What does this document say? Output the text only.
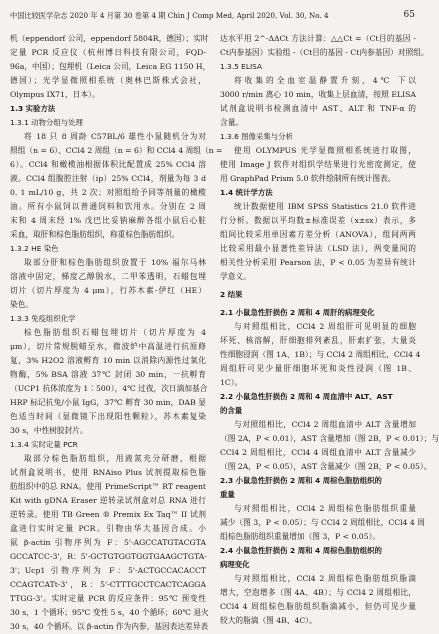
中国比较医学杂志 2020 年 4 月第 30 卷第 4 期 Chin J Comp Med, April 2020, Vol. 30, No. 4	65
机（eppendorf 公司，eppendorf 5804R，德国）；实时
定量 PCR 反应仪（杭州博日科技有限公司，FQD-
96a，中国）；包埋机（Leica 公司，Leica EG 1150 H，
德国）；光学显微照相系统（奥林巴斯株式会社，
Olympus IX71，日本）。
1.3 实验方法
1.3.1 动物分组与处理
将 18 只 8 周龄 C57BL/6 雄性小鼠随机分为对
照组（n = 6）、CCl4 2 周组（n = 6）和 CCl4 4 周组（n =
6）。CCl4 和橄榄油根据体积比配置成 25% CCl4 溶
液。CCl4 组腹腔注射（ip）25% CCl4，剂量为每 3 d
0. 1 mL/10 g，共 2 次；对照组给予同等剂量的橄榄
油。所有小鼠饲以普通饲料和饮用水。分别在 2 周
末和 4 周末经 1% 戊巴比妥钠麻醉各组小鼠后心脏
采血，取肝和棕色脂肪组织，称重棕色脂肪组织。
1.3.2 HE 染色
取部分肝和棕色脂肪组织放置于 10% 福尔马林
溶液中固定，梯度乙醇脱水，二甲苯透明，石蜡包埋
切片（切片厚度为 4 μm），行苏木素-伊红（HE）
染色。
1.3.3 免疫组织化学
棕色脂肪组织石蜡包埋切片（切片厚度为 4
μm），切片常规脱蜡至水，微波炉中高温进行抗原修
复，3% H2O2 溶液孵育 10 min 以消除内源性过氧化
物酶，5% BSA 溶液 37℃ 封闭 30 min，一抗孵育
（UCP1 抗体浓度为 1∶500），4℃ 过夜，次日滴加基合
HRP 标记抗兔/小鼠 IgG，37℃ 孵育 30 min，DAB 显
色适当时间（显微镜下出现阳性颗粒），苏木素复染
30 s，中性树胶封片。
1.3.4 实时定量 PCR
取部分棕色脂肪组织，用液氮充分研磨，根据
试剂盒说明书，使用 RNAiso Plus 试剂提取棕色脂
肪组织中的总 RNA。使用 PrimeScript™ RT reagent
Kit with gDNA Eraser 逆转录试剂盒对总 RNA 进行
逆转录。使用 TB Green ® Premix Ex Taq™ II 试剂
盒进行实时定量 PCR。引物由华大基因合成。小
鼠 β-actin 引物序列为 F：5'-AGCCATGTACGTA
GCCATCC-3'，R：5'-GCTGTGGTGGTGAAGCTGTA-
3'；Ucp1 引物序列为 F：5'-ACTGCCACACCT
CCAGTCATt-3'，R：5'-CTTTGCCTCACTCAGGA
TTGG-3'。实时定量 PCR 的反应条件：95℃ 预变性
30 s，1 个循环；95℃ 变性 5 s，40 个循环；60℃ 退火
30 s，40 个循环。以 β-actin 作为内参，基因表达差异表
达水平用 2^-ΔΔCt 方法计算：△△Ct =（Ct目的基因 -
Ct内参基因）实验组 -（Ct目的基因 - Ct内参基因）对照组。
1.3.5 ELISA
将收集的全血室温静置升刻，4℃ 下以
3000 r/min 离心 10 min，收集上层血清，按照 ELISA
试剂盒说明书检测血清中 AST、ALT 和 TNF-α 的
含量。
1.3.6 图像采集与分析
使用 OLYMPUS 光学显微照相系统进行取图，
使用 Image J 软件对组织学结果进行光密度测定，使
用 GraphPad Prism 5.0 软件绘制所有统计图表。
1.4 统计学方法
统计数据使用 IBM SPSS Statistics 21.0 软件进
行分析。数据以平均数±标准误差（x±sx）表示，多
组间比较采用单因素方差分析（ANOVA），组间两两
比较采用最小显著性差异法（LSD 法），两变量间的
相关性分析采用 Pearson 法，P < 0.05 为差异有统计
学意义。
2 结果
2.1 小鼠急性肝损伤 2 周和 4 周肝的病理变化
与对照组相比，CCl4 2 周组肝可见明显的细胞
坏死、核溶解，肝细胞排列紊乱，肝索扩张，大量炎
性细胞浸润（图 1A、1B）；与 CCl4 2 周组相比，CCl4 4
周组肝可见少量肝细胞坏死和炎性浸润（图 1B、
1C）。
2.2 小鼠急性肝损伤 2 周和 4 周血清中 ALT、AST
的含量
与对照组相比，CCl4 2 周组血清中 ALT 含量增加
（图 2A，P < 0.01），AST 含量增加（图 2B，P < 0.01）；与
CCl4 2 周组相比，CCl4 4 周组血清中 ALT 含量减少
（图 2A，P < 0.05），AST 含量减少（图 2B，P < 0.05）。
2.3 小鼠急性肝损伤 2 周和 4 周棕色脂肪组织的
重量
与对照组相比，CCl4 2 周组棕色脂肪组织重量
减少（图 3，P < 0.05）；与 CCl4 2 周组相比，CCl4 4 周
组棕色脂肪组织重量增加（图 3，P < 0.05）。
2.4 小鼠急性肝损伤 2 周和 4 周棕色脂肪组织的
病理变化
与对照组相比，CCl4 2 周组棕色脂肪组织脂滴
增大，空泡增多（图 4A、4B）；与 CCl4 2 周组相比，
CCl4 4 周组棕色脂肪组织脂滴减小，但仍可见少量
较大的脂滴（图 4B、4C）。
